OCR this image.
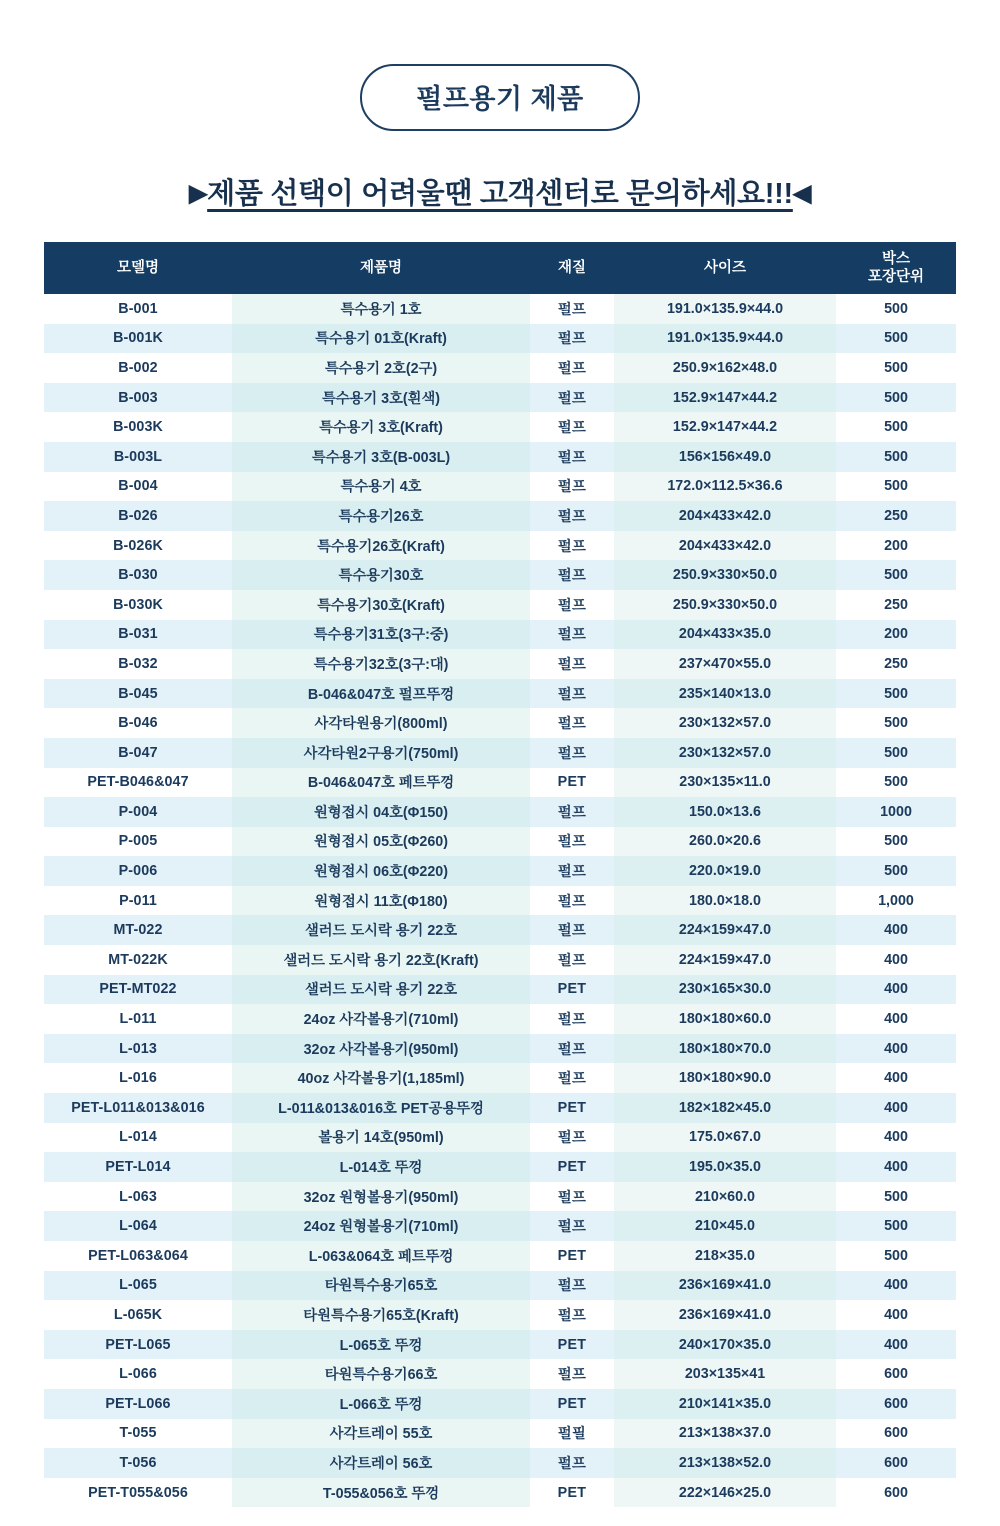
펄프용기 제품
▶제품 선택이 어려울땐 고객센터로 문의하세요!!!◀
모델명	제품명	재질	사이즈	박스
포장단위

B-001	특수용기 1호	펄프	191.0×135.9×44.0	500
B-001K	특수용기 01호(Kraft)	펄프	191.0×135.9×44.0	500
B-002	특수용기 2호(2구)	펄프	250.9×162×48.0	500
B-003	특수용기 3호(흰색)	펄프	152.9×147×44.2	500
B-003K	특수용기 3호(Kraft)	펄프	152.9×147×44.2	500
B-003L	특수용기 3호(B-003L)	펄프	156×156×49.0	500
B-004	특수용기 4호	펄프	172.0×112.5×36.6	500
B-026	특수용기26호	펄프	204×433×42.0	250
B-026K	특수용기26호(Kraft)	펄프	204×433×42.0	200
B-030	특수용기30호	펄프	250.9×330×50.0	500
B-030K	특수용기30호(Kraft)	펄프	250.9×330×50.0	250
B-031	특수용기31호(3구:중)	펄프	204×433×35.0	200
B-032	특수용기32호(3구:대)	펄프	237×470×55.0	250
B-045	B-046&047호 펄프뚜껑	펄프	235×140×13.0	500
B-046	사각타원용기(800ml)	펄프	230×132×57.0	500
B-047	사각타원2구용기(750ml)	펄프	230×132×57.0	500
PET-B046&047	B-046&047호 페트뚜껑	PET	230×135×11.0	500
P-004	원형접시 04호(Φ150)	펄프	150.0×13.6	1000
P-005	원형접시 05호(Φ260)	펄프	260.0×20.6	500
P-006	원형접시 06호(Φ220)	펄프	220.0×19.0	500
P-011	원형접시 11호(Φ180)	펄프	180.0×18.0	1,000
MT-022	샐러드 도시락 용기 22호	펄프	224×159×47.0	400
MT-022K	샐러드 도시락 용기 22호(Kraft)	펄프	224×159×47.0	400
PET-MT022	샐러드 도시락 용기 22호	PET	230×165×30.0	400
L-011	24oz 사각볼용기(710ml)	펄프	180×180×60.0	400
L-013	32oz 사각볼용기(950ml)	펄프	180×180×70.0	400
L-016	40oz 사각볼용기(1,185ml)	펄프	180×180×90.0	400
PET-L011&013&016	L-011&013&016호 PET공용뚜껑	PET	182×182×45.0	400
L-014	볼용기 14호(950ml)	펄프	175.0×67.0	400
PET-L014	L-014호 뚜껑	PET	195.0×35.0	400
L-063	32oz 원형볼용기(950ml)	펄프	210×60.0	500
L-064	24oz 원형볼용기(710ml)	펄프	210×45.0	500
PET-L063&064	L-063&064호 페트뚜껑	PET	218×35.0	500
L-065	타원특수용기65호	펄프	236×169×41.0	400
L-065K	타원특수용기65호(Kraft)	펄프	236×169×41.0	400
PET-L065	L-065호 뚜껑	PET	240×170×35.0	400
L-066	타원특수용기66호	펄프	203×135×41	600
PET-L066	L-066호 뚜껑	PET	210×141×35.0	600
T-055	사각트레이 55호	펄필	213×138×37.0	600
T-056	사각트레이 56호	펄프	213×138×52.0	600
PET-T055&056	T-055&056호 뚜껑	PET	222×146×25.0	600
